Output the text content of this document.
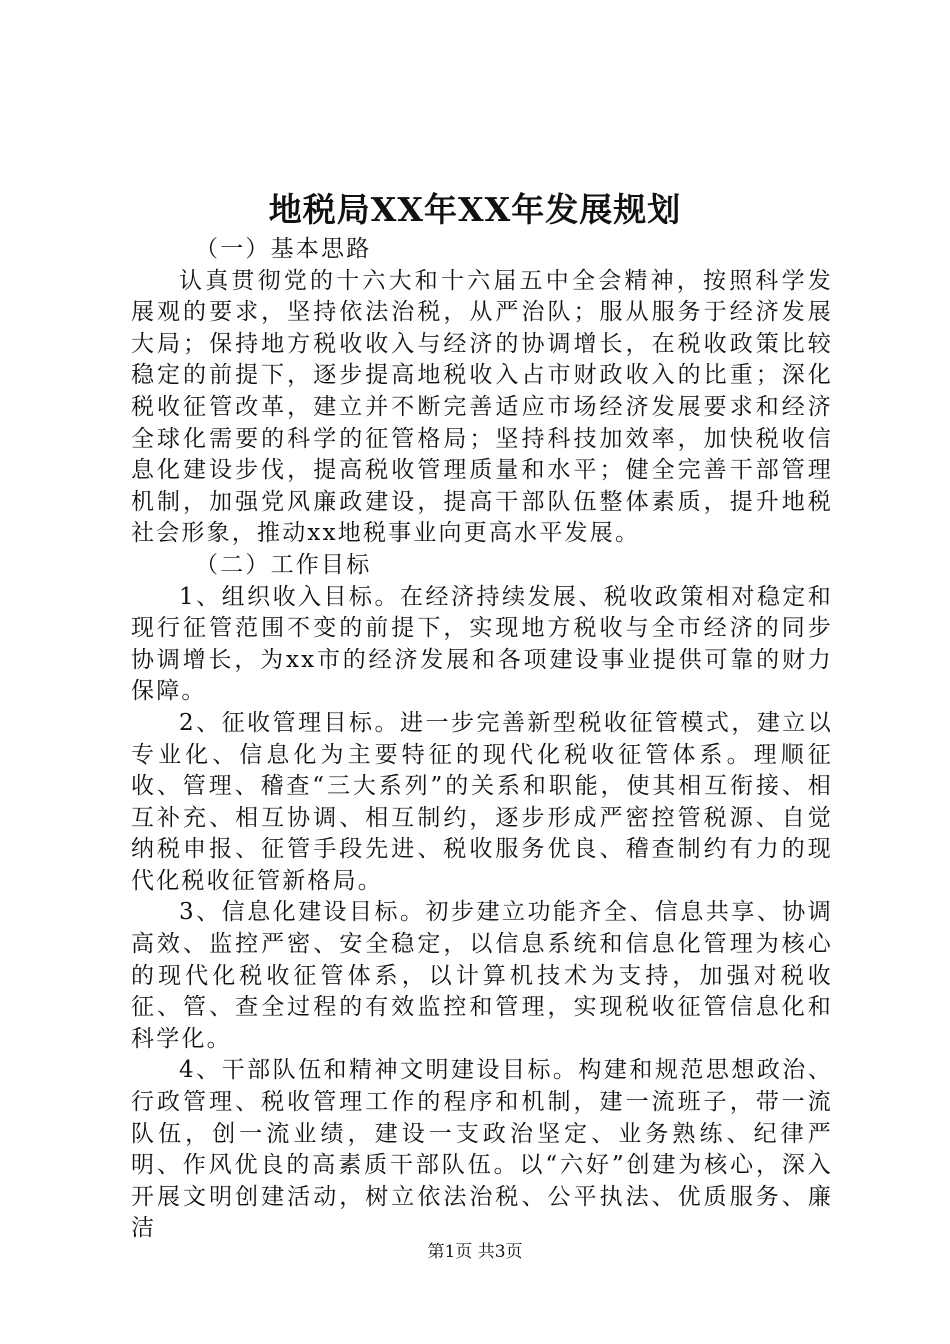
地税局XX年XX年发展规划

（一）基本思路

认真贯彻党的十六大和十六届五中全会精神，按照科学发展观的要求，坚持依法治税，从严治队；服从服务于经济发展大局；保持地方税收收入与经济的协调增长，在税收政策比较稳定的前提下，逐步提高地税收入占市财政收入的比重；深化税收征管改革，建立并不断完善适应市场经济发展要求和经济全球化需要的科学的征管格局；坚持科技加效率，加快税收信息化建设步伐，提高税收管理质量和水平；健全完善干部管理机制，加强党风廉政建设，提高干部队伍整体素质，提升地税社会形象，推动xx地税事业向更高水平发展。

（二）工作目标

1、组织收入目标。在经济持续发展、税收政策相对稳定和现行征管范围不变的前提下，实现地方税收与全市经济的同步协调增长，为xx市的经济发展和各项建设事业提供可靠的财力保障。

2、征收管理目标。进一步完善新型税收征管模式，建立以专业化、信息化为主要特征的现代化税收征管体系。理顺征收、管理、稽查“三大系列”的关系和职能，使其相互衔接、相互补充、相互协调、相互制约，逐步形成严密控管税源、自觉纳税申报、征管手段先进、税收服务优良、稽查制约有力的现代化税收征管新格局。

3、信息化建设目标。初步建立功能齐全、信息共享、协调高效、监控严密、安全稳定，以信息系统和信息化管理为核心的现代化税收征管体系，以计算机技术为支持，加强对税收征、管、查全过程的有效监控和管理，实现税收征管信息化和科学化。

4、干部队伍和精神文明建设目标。构建和规范思想政治、行政管理、税收管理工作的程序和机制，建一流班子，带一流队伍，创一流业绩，建设一支政治坚定、业务熟练、纪律严明、作风优良的高素质干部队伍。以“六好”创建为核心，深入开展文明创建活动，树立依法治税、公平执法、优质服务、廉洁

第1页 共3页
